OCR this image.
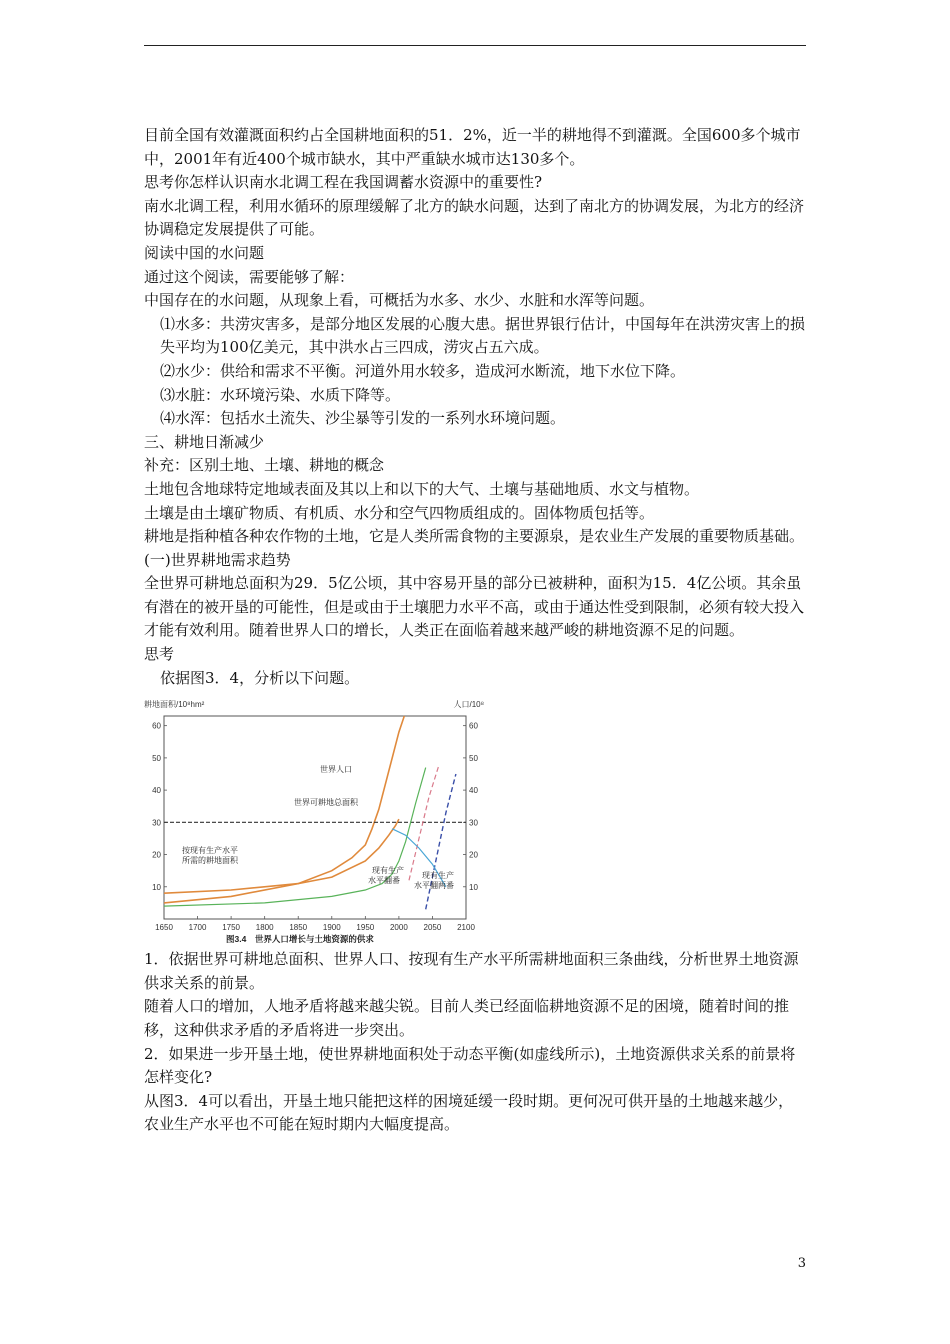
目前全国有效灌溉面积约占全国耕地面积的51．2%，近一半的耕地得不到灌溉。全国600多个城市中，2001年有近400个城市缺水，其中严重缺水城市达130多个。

思考你怎样认识南水北调工程在我国调蓄水资源中的重要性?

南水北调工程，利用水循环的原理缓解了北方的缺水问题，达到了南北方的协调发展，为北方的经济协调稳定发展提供了可能。

阅读中国的水问题

通过这个阅读，需要能够了解：

中国存在的水问题，从现象上看，可概括为水多、水少、水脏和水浑等问题。

⑴水多：共涝灾害多，是部分地区发展的心腹大患。据世界银行估计，中国每年在洪涝灾害上的损失平均为100亿美元，其中洪水占三四成，涝灾占五六成。

⑵水少：供给和需求不平衡。河道外用水较多，造成河水断流，地下水位下降。

⑶水脏：水环境污染、水质下降等。

⑷水浑：包括水土流失、沙尘暴等引发的一系列水环境问题。

三、耕地日渐减少

补充：区别土地、土壤、耕地的概念

土地包含地球特定地域表面及其以上和以下的大气、土壤与基础地质、水文与植物。

土壤是由土壤矿物质、有机质、水分和空气四物质组成的。固体物质包括等。

耕地是指种植各种农作物的土地，它是人类所需食物的主要源泉，是农业生产发展的重要物质基础。

(一)世界耕地需求趋势

全世界可耕地总面积为29．5亿公顷，其中容易开垦的部分已被耕种，面积为15．4亿公顷。其余虽有潜在的被开垦的可能性，但是或由于土壤肥力水平不高，或由于通达性受到限制，必须有较大投入才能有效利用。随着世界人口的增长，人类正在面临着越来越严峻的耕地资源不足的问题。

思考

依据图3．4，分析以下问题。

耕地面积/10⁸hm²	人口/10⁸
10	10
20	20
30	30
40	40
50	50
60	60
1650 1700 1750 1800 1850 1900 1950 2000 2050 2100
世界人口
世界可耕地总面积
按现有生产水平
所需的耕地面积
现有生产
水平翻番
现有生产
水平翻两番
图3.4　世界人口增长与土地资源的供求

1．依据世界可耕地总面积、世界人口、按现有生产水平所需耕地面积三条曲线，分析世界土地资源供求关系的前景。

随着人口的增加，人地矛盾将越来越尖锐。目前人类已经面临耕地资源不足的困境，随着时间的推移，这种供求矛盾的矛盾将进一步突出。

2．如果进一步开垦土地，使世界耕地面积处于动态平衡(如虚线所示)，土地资源供求关系的前景将怎样变化?

从图3．4可以看出，开垦土地只能把这样的困境延缓一段时期。更何况可供开垦的土地越来越少，农业生产水平也不可能在短时期内大幅度提高。

3
